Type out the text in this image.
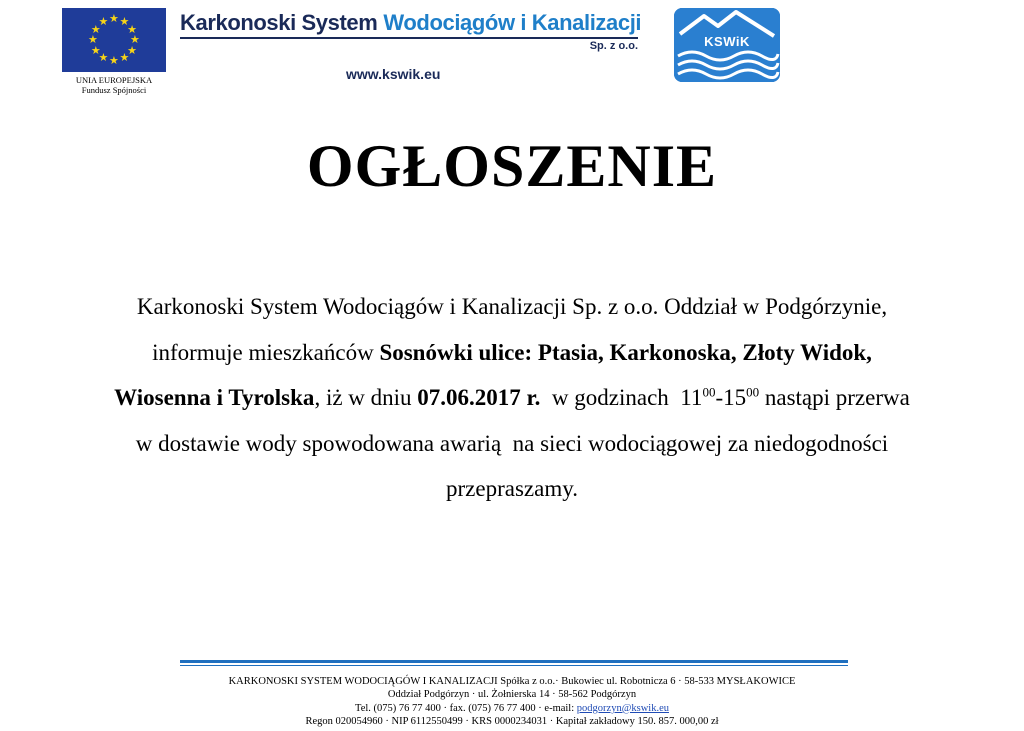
★ ★
★
★
★
★
★
★
★
★
★
★
UNIA EUROPEJSKA
Fundusz Spójności
Karkonoski System Wodociągów i Kanalizacji
Sp. z o.o.
www.kswik.eu
KSWiK
OGŁOSZENIE
Karkonoski System Wodociągów i Kanalizacji Sp. z o.o. Oddział w Podgórzynie,
informuje mieszkańców Sosnówki ulice: Ptasia, Karkonoska, Złoty Widok,
Wiosenna i Tyrolska, iż w dniu 07.06.2017 r.  w godzinach  $11^{00}-15^{00}$ nastąpi przerwa
w dostawie wody spowodowana awarią  na sieci wodociągowej za niedogodności
przepraszamy.
KARKONOSKI SYSTEM WODOCIĄGÓW I KANALIZACJI Spółka z o.o.· Bukowiec ul. Robotnicza 6 · 58-533 MYSŁAKOWICE
Oddział Podgórzyn · ul. Żołnierska 14 · 58-562 Podgórzyn
Tel. (075) 76 77 400 · fax. (075) 76 77 400 · e-mail: podgorzyn@kswik.eu
Regon 020054960 · NIP 6112550499 · KRS 0000234031 · Kapitał zakładowy 150. 857. 000,00 zł
